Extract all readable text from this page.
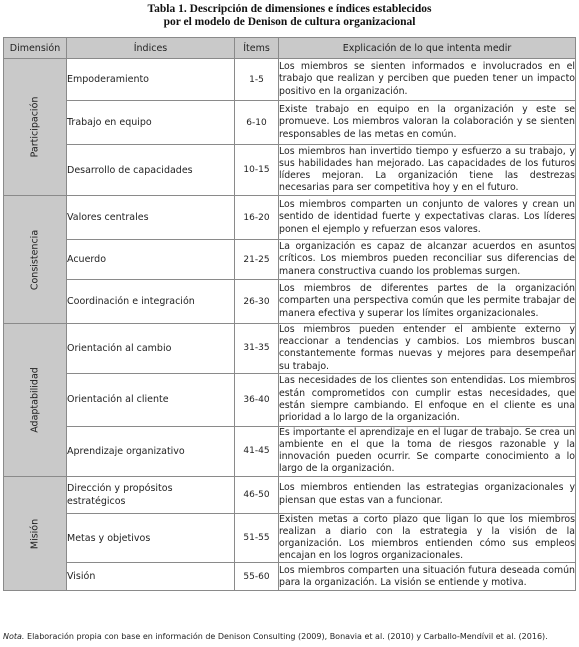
Tabla 1. Descripción de dimensiones e índices establecidos
por el modelo de Denison de cultura organizacional
Dimensión	Índices	Ítems	Explicación de lo que intenta medir

Participación	Empoderamiento	1-5	Los miembros se sienten informados e involucrados en el trabajo que realizan y perciben que pueden tener un impacto positivo en la organización.
	Trabajo en equipo	6-10	Existe trabajo en equipo en la organización y este se promueve. Los miembros valoran la colaboración y se sienten responsables de las metas en común.
	Desarrollo de capacidades	10-15	Los miembros han invertido tiempo y esfuerzo a su trabajo, y sus habilidades han mejorado. Las capacidades de los futuros líderes mejoran. La organización tiene las destrezas necesarias para ser competitiva hoy y en el futuro.

Consistencia	Valores centrales	16-20	Los miembros comparten un conjunto de valores y crean un sentido de identidad fuerte y expectativas claras. Los líderes ponen el ejemplo y refuerzan esos valores.
	Acuerdo	21-25	La organización es capaz de alcanzar acuerdos en asuntos críticos. Los miembros pueden reconciliar sus diferencias de manera constructiva cuando los problemas surgen.
	Coordinación e integración	26-30	Los miembros de diferentes partes de la organización comparten una perspectiva común que les permite trabajar de manera efectiva y superar los límites organizacionales.

Adaptabilidad	Orientación al cambio	31-35	Los miembros pueden entender el ambiente externo y reaccionar a tendencias y cambios. Los miembros buscan constantemente formas nuevas y mejores para desempeñar su trabajo.
	Orientación al cliente	36-40	Las necesidades de los clientes son entendidas. Los miembros están comprometidos con cumplir estas necesidades, que están siempre cambiando. El enfoque en el cliente es una prioridad a lo largo de la organización.
	Aprendizaje organizativo	41-45	Es importante el aprendizaje en el lugar de trabajo. Se crea un ambiente en el que la toma de riesgos razonable y la innovación pueden ocurrir. Se comparte conocimiento a lo largo de la organización.

Misión	Dirección y propósitos estratégicos	46-50	Los miembros entienden las estrategias organizacionales y piensan que estas van a funcionar.
	Metas y objetivos	51-55	Existen metas a corto plazo que ligan lo que los miembros realizan a diario con la estrategia y la visión de la organización. Los miembros entienden cómo sus empleos encajan en los logros organizacionales.
	Visión	55-60	Los miembros comparten una situación futura deseada común para la organización. La visión se entiende y motiva.
Nota. Elaboración propia con base en información de Denison Consulting (2009), Bonavia et al. (2010) y Carballo-Mendívil et al. (2016).
